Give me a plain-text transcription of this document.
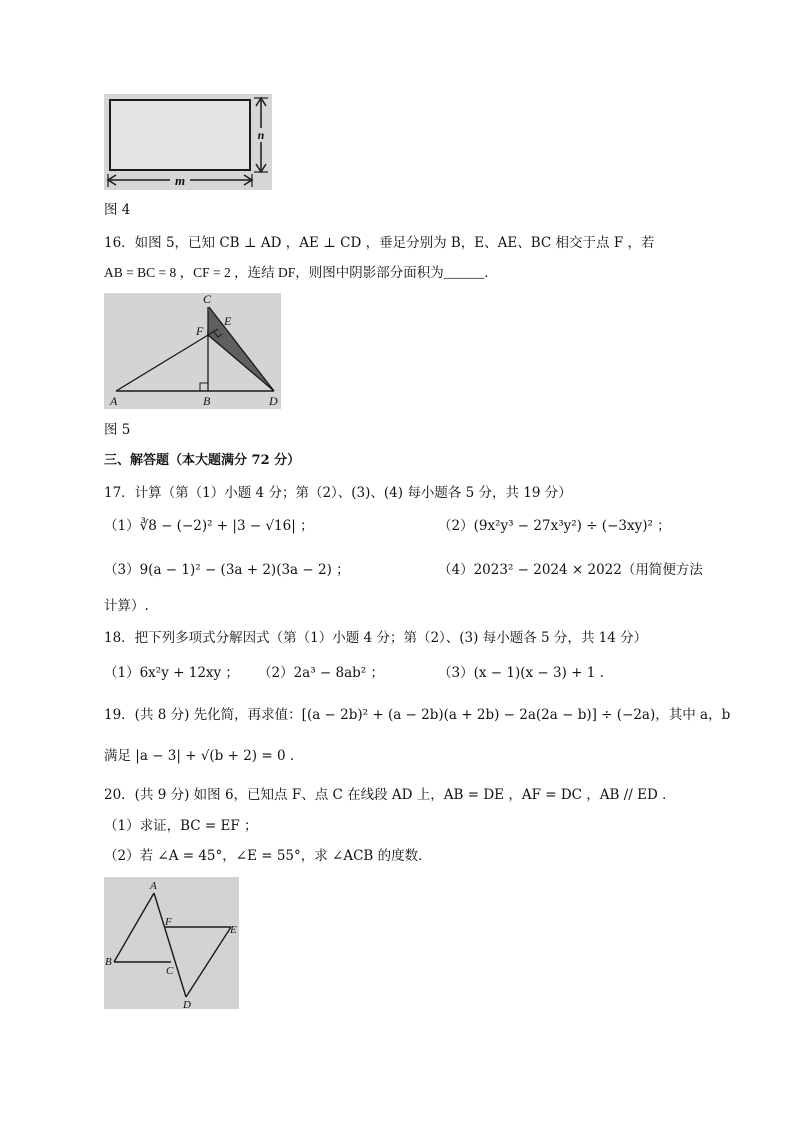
n
m
图 4
16．如图 5，已知 CB ⊥ AD ，AE ⊥ CD ，垂足分别为 B，E、AE、BC 相交于点 F ，若
AB = BC = 8 ，CF = 2 ，连结 DF，则图中阴影部分面积为______．
C
F
E
A	B	D
图 5
三、解答题（本大题满分 72 分）
17．计算（第（1）小题 4 分；第（2）、(3)、(4) 每小题各 5 分，共 19 分）
（1）∛8 − (−2)² + |3 − √16| ；	（2）(9x²y³ − 27x³y²) ÷ (−3xy)² ；
（3）9(a − 1)² − (3a + 2)(3a − 2) ；	（4）2023² − 2024 × 2022（用简便方法
计算）.
18．把下列多项式分解因式（第（1）小题 4 分；第（2）、(3) 每小题各 5 分，共 14 分）
（1）6x²y + 12xy ； （2）2a³ − 8ab² ；	（3）(x − 1)(x − 3) + 1 .
19．(共 8 分) 先化简，再求值：[(a − 2b)² + (a − 2b)(a + 2b) − 2a(2a − b)] ÷ (−2a)，其中 a，b
满足 |a − 3| + √(b + 2) = 0 .
20．(共 9 分) 如图 6，已知点 F、点 C 在线段 AD 上，AB = DE ，AF = DC ，AB // ED ．
（1）求证，BC = EF ；
（2）若 ∠A = 45°，∠E = 55°，求 ∠ACB 的度数．
A
B
C
D
E
F
